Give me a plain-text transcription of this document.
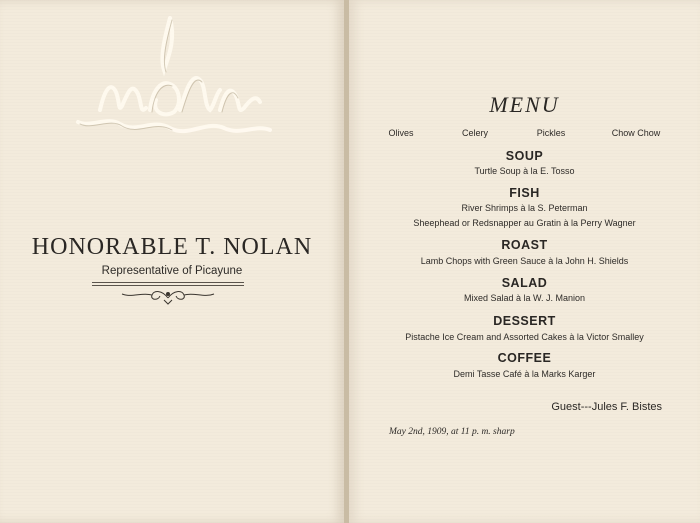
HONORABLE T. NOLAN
Representative of Picayune
MENU
Olives	Celery	Pickles	Chow Chow
SOUP
Turtle Soup à la E. Tosso
FISH
River Shrimps à la S. Peterman
Sheephead or Redsnapper au Gratin à la Perry Wagner
ROAST
Lamb Chops with Green Sauce à la John H. Shields
SALAD
Mixed Salad à la W. J. Manion
DESSERT
Pistache Ice Cream and Assorted Cakes à la Victor Smalley
COFFEE
Demi Tasse Café à la Marks Karger
Guest---Jules F. Bistes
May 2nd, 1909, at 11 p. m. sharp
